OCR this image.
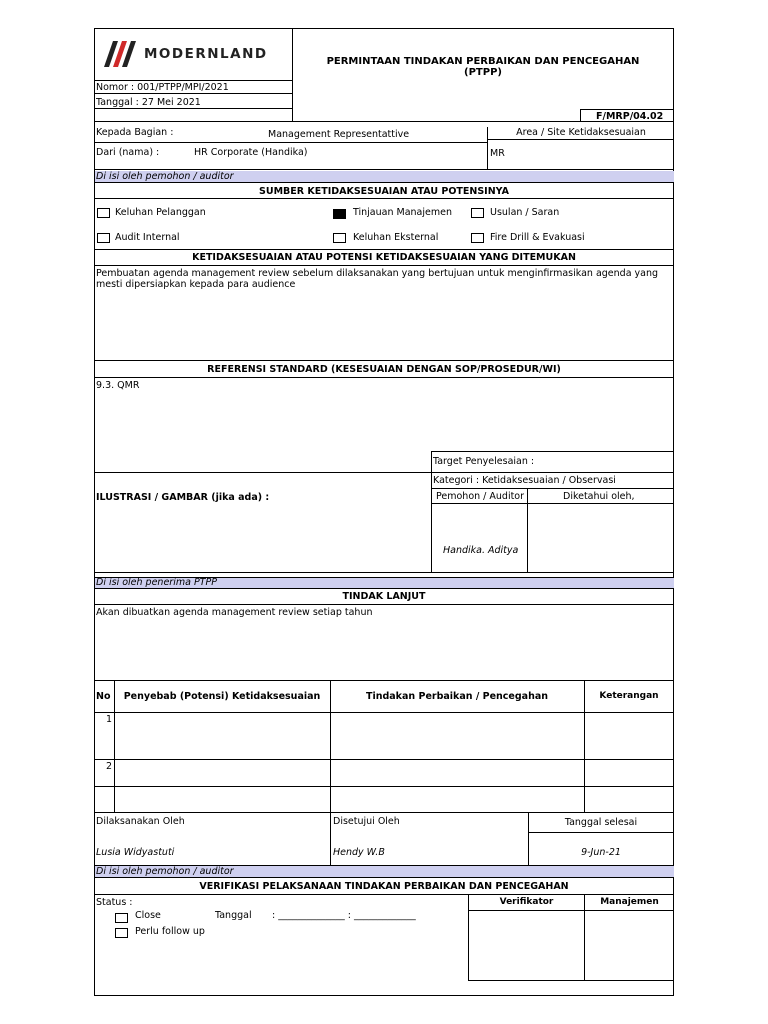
MODERNLAND	PERMINTAAN TINDAKAN PERBAIKAN DAN PENCEGAHAN
(PTPP)
Nomor : 001/PTPP/MPI/2021
Tanggal : 27 Mei 2021
F/MRP/04.02
Kepada Bagian :	Management Representattive	Area / Site Ketidaksesuaian
Dari (nama) :	HR Corporate (Handika)	MR
Di isi oleh pemohon / auditor
SUMBER KETIDAKSESUAIAN ATAU POTENSINYA
Keluhan Pelanggan	Tinjauan Manajemen	Usulan / Saran
Audit Internal	Keluhan Eksternal	Fire Drill & Evakuasi
KETIDAKSESUAIAN ATAU POTENSI KETIDAKSESUAIAN YANG DITEMUKAN
Pembuatan agenda management review sebelum dilaksanakan yang bertujuan untuk menginfirmasikan agenda yang mesti dipersiapkan kepada para audience
REFERENSI STANDARD (KESESUAIAN DENGAN SOP/PROSEDUR/WI)
9.3. QMR
Target Penyelesaian :
Kategori : Ketidaksesuaian / Observasi
ILUSTRASI / GAMBAR (jika ada) :	Pemohon / Auditor	Diketahui oleh,
Handika. Aditya
Di isi oleh penerima PTPP
TINDAK LANJUT
Akan dibuatkan agenda management review setiap tahun
No	Penyebab (Potensi) Ketidaksesuaian	Tindakan Perbaikan / Pencegahan	Keterangan
1
2
Dilaksanakan Oleh	Disetujui Oleh	Tanggal selesai
Lusia Widyastuti	Hendy W.B	9-Jun-21
Di isi oleh pemohon / auditor
VERIFIKASI PELAKSANAAN TINDAKAN PERBAIKAN DAN PENCEGAHAN
Status :
Close	Tanggal : ______________ : _____________
Perlu follow up
Verifikator	Manajemen
